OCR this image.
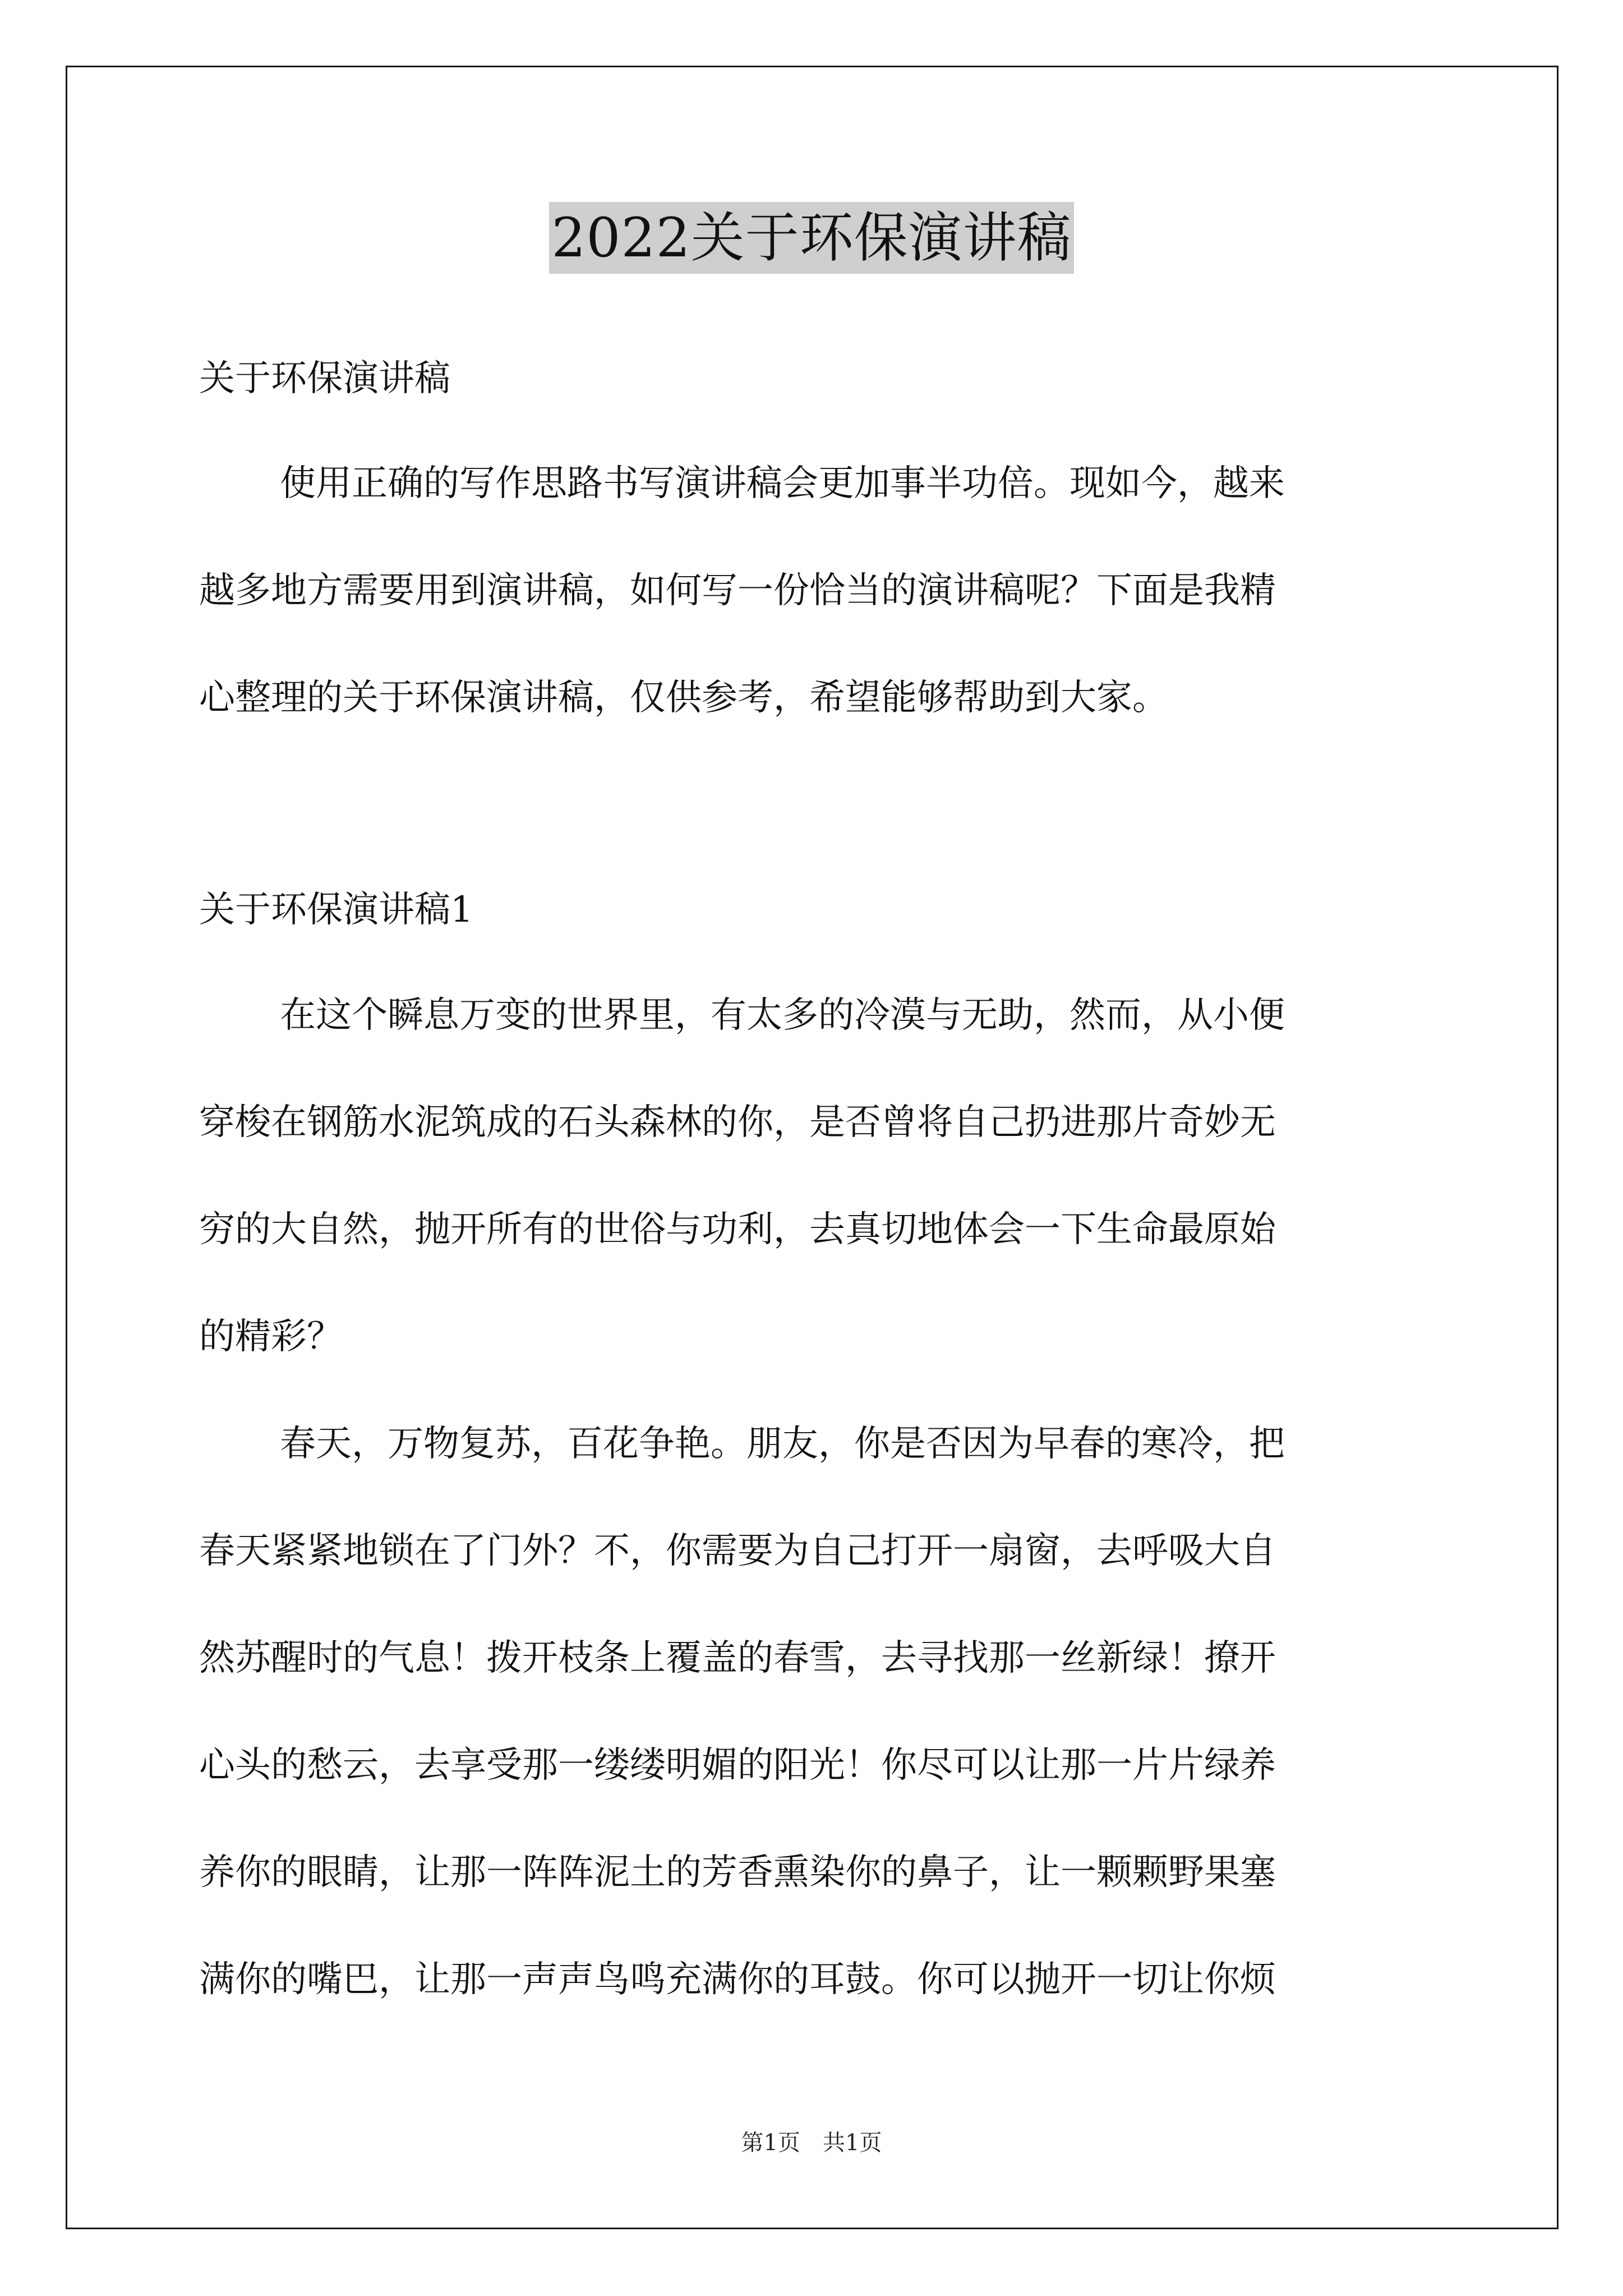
2022关于环保演讲稿
关于环保演讲稿
使用正确的写作思路书写演讲稿会更加事半功倍。现如今，越来
越多地方需要用到演讲稿，如何写一份恰当的演讲稿呢？下面是我精
心整理的关于环保演讲稿，仅供参考，希望能够帮助到大家。
关于环保演讲稿1
在这个瞬息万变的世界里，有太多的冷漠与无助，然而，从小便
穿梭在钢筋水泥筑成的石头森林的你，是否曾将自己扔进那片奇妙无
穷的大自然，抛开所有的世俗与功利，去真切地体会一下生命最原始
的精彩？
春天，万物复苏，百花争艳。朋友，你是否因为早春的寒冷，把
春天紧紧地锁在了门外？不，你需要为自己打开一扇窗，去呼吸大自
然苏醒时的气息！拨开枝条上覆盖的春雪，去寻找那一丝新绿！撩开
心头的愁云，去享受那一缕缕明媚的阳光！你尽可以让那一片片绿养
养你的眼睛，让那一阵阵泥土的芳香熏染你的鼻子，让一颗颗野果塞
满你的嘴巴，让那一声声鸟鸣充满你的耳鼓。你可以抛开一切让你烦
第1页　共1页
